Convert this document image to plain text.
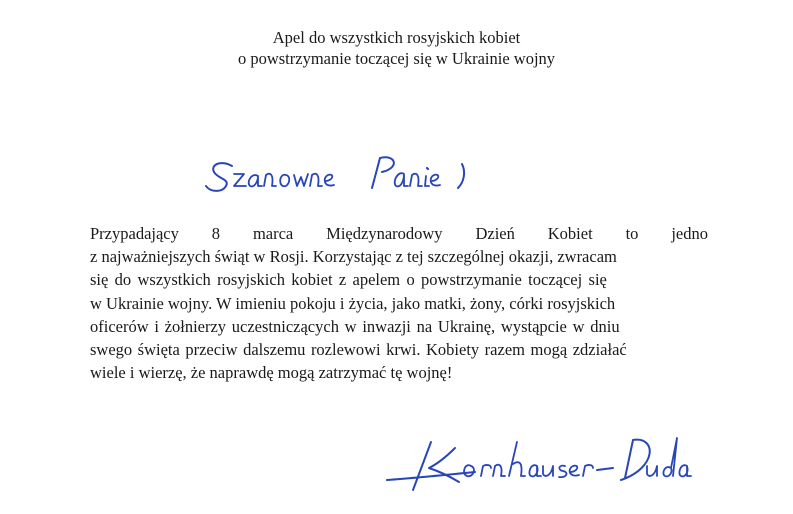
Apel do wszystkich rosyjskich kobiet
o powstrzymanie toczącej się w Ukrainie wojny
Przypadający 8 marca Międzynarodowy Dzień Kobiet to jedno
z najważniejszych świąt w Rosji. Korzystając z tej szczególnej okazji, zwracam
się do wszystkich rosyjskich kobiet z apelem o powstrzymanie toczącej się
w Ukrainie wojny. W imieniu pokoju i życia, jako matki, żony, córki rosyjskich
oficerów i żołnierzy uczestniczących w inwazji na Ukrainę, wystąpcie w dniu
swego święta przeciw dalszemu rozlewowi krwi. Kobiety razem mogą zdziałać
wiele i wierzę, że naprawdę mogą zatrzymać tę wojnę!
